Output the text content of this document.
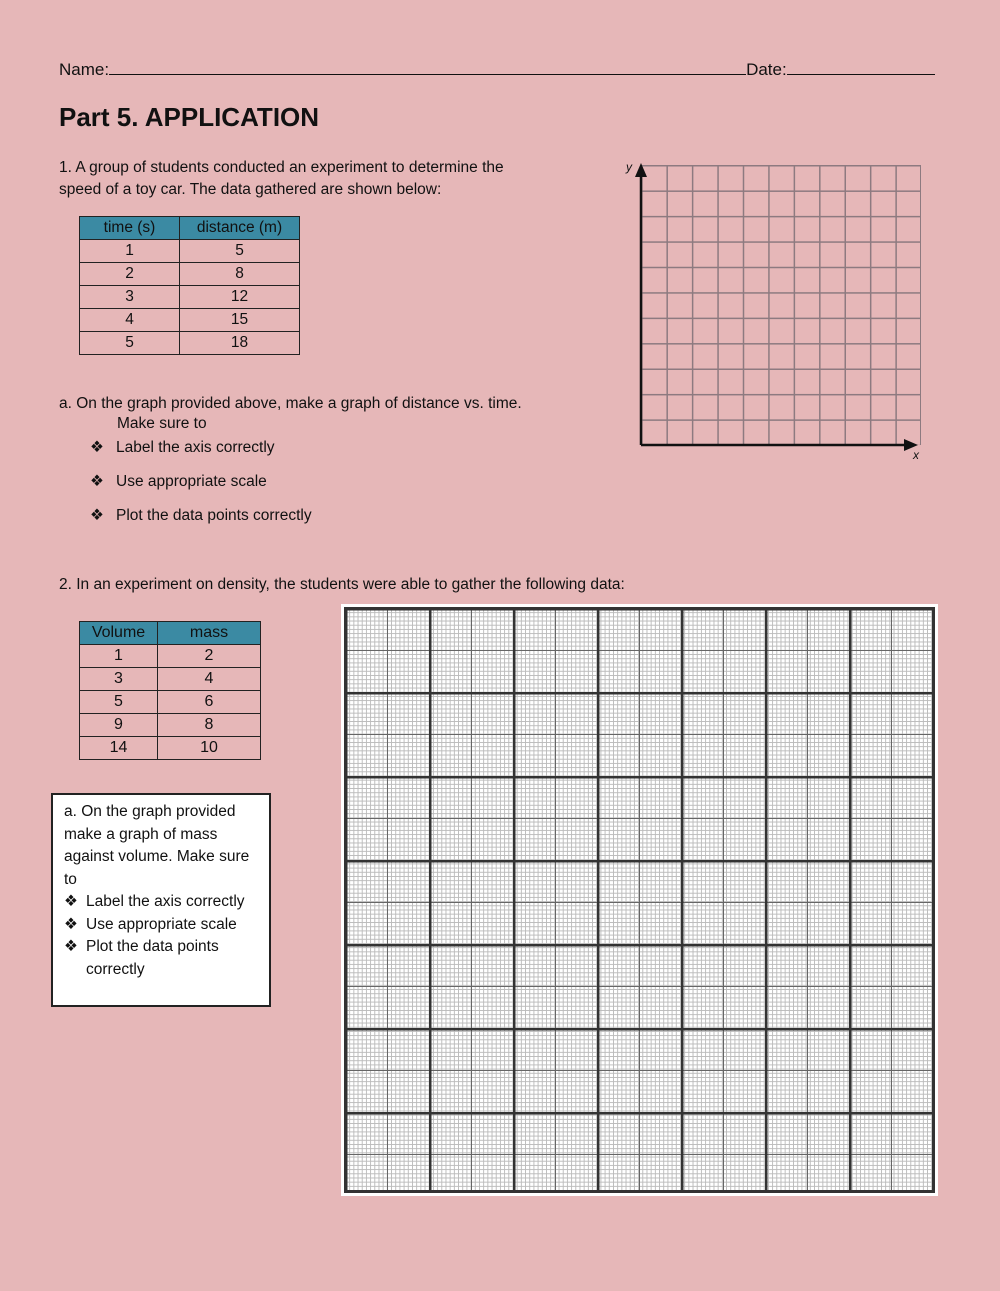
Name:	Date:
Part 5. APPLICATION
1. A group of students conducted an experiment to determine the
speed of a toy car. The data gathered are shown below:
time (s)	distance (m)
1	5
2	8
3	12
4	15
5	18
y
x
a. On the graph provided above, make a graph of distance vs. time.
Make sure to
❖ Label the axis correctly
❖ Use appropriate scale
❖ Plot the data points correctly
2. In an experiment on density, the students were able to gather the following data:
Volume	mass
1	2
3	4
5	6
9	8
14	10
a. On the graph provided
make a graph of mass
against volume. Make sure
to
❖ Label the axis correctly
❖ Use appropriate scale
❖ Plot the data points correctly
